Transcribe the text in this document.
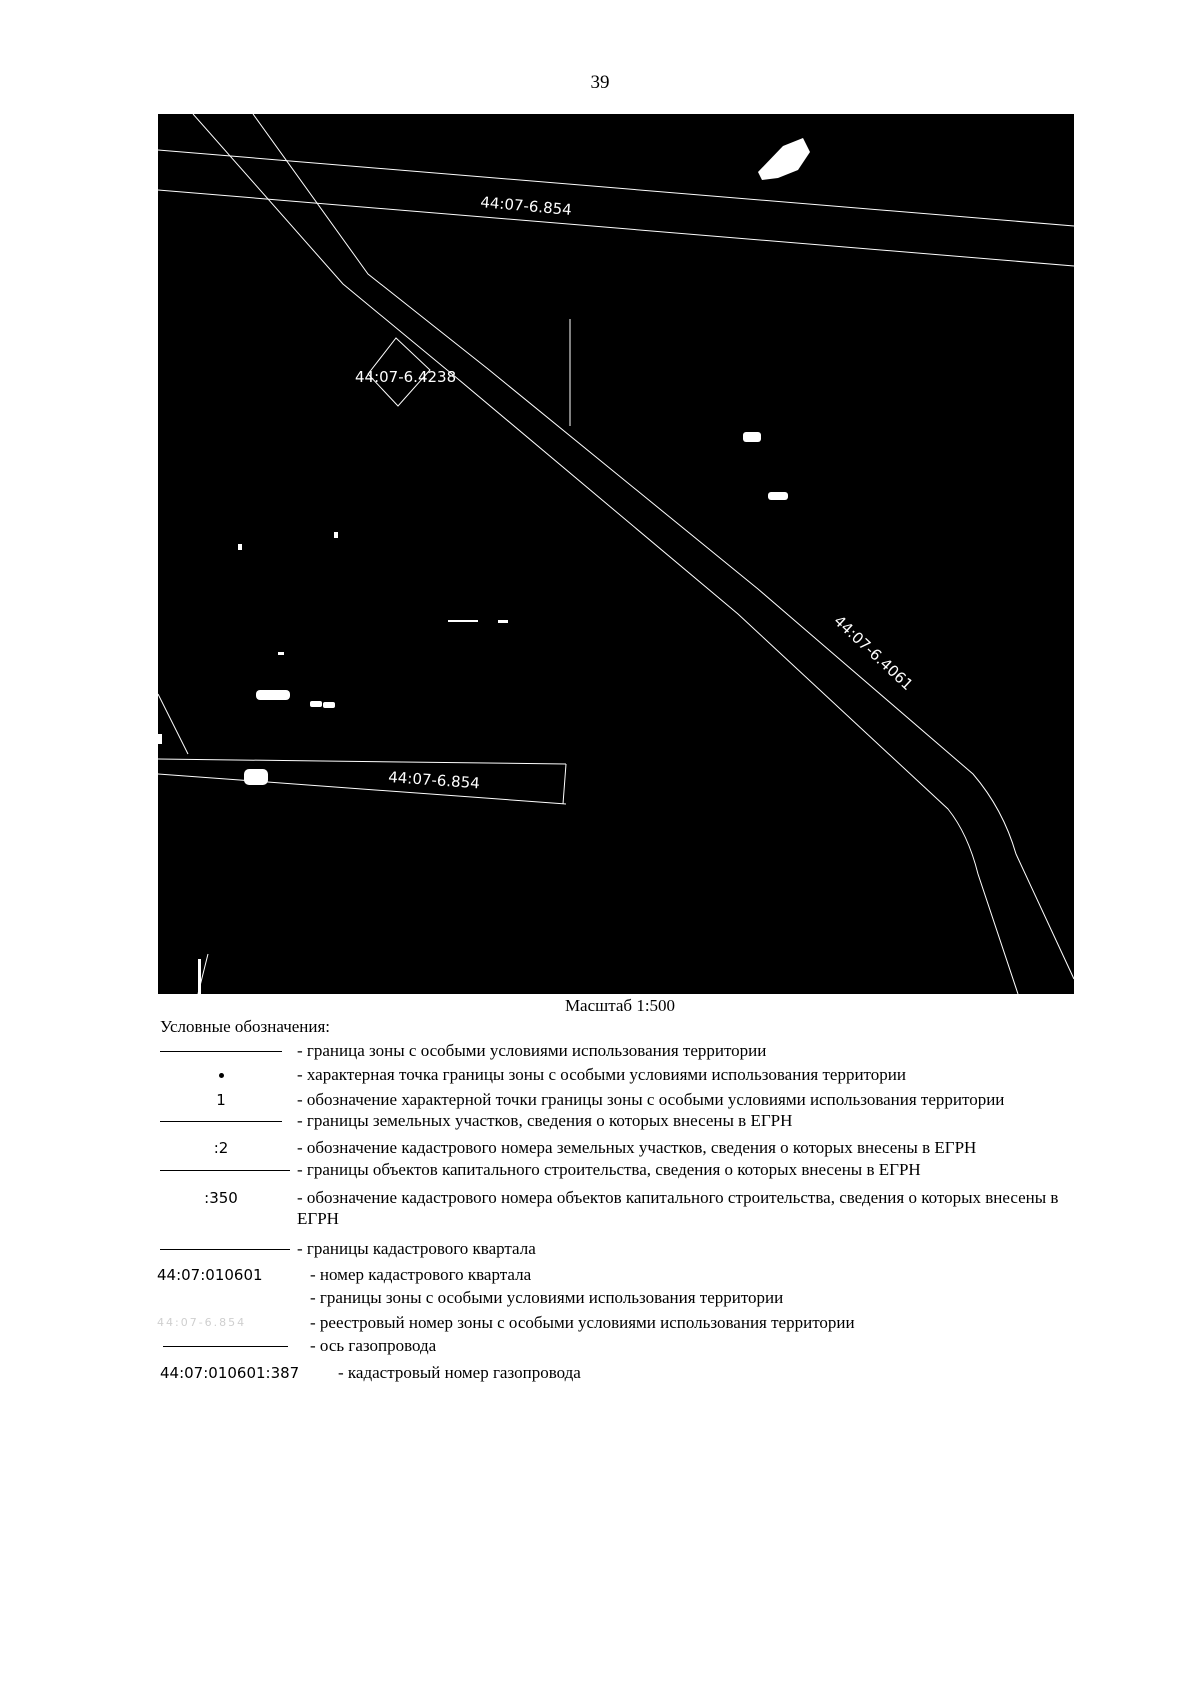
39
44:07-6.854
44:07-6.4238
44:07-6.854
44:07-6.4061
Масштаб 1:500
Условные обозначения:
- граница зоны с особыми условиями использования территории
- характерная точка границы зоны с особыми условиями использования территории
1	- обозначение характерной точки границы зоны с особыми условиями использования территории
- границы земельных участков, сведения о которых внесены в ЕГРН
:2	- обозначение кадастрового номера земельных участков, сведения о которых внесены в ЕГРН
- границы объектов капитального строительства, сведения о которых внесены в ЕГРН
:350	- обозначение кадастрового номера объектов капитального строительства, сведения о которых внесены в ЕГРН
- границы кадастрового квартала
44:07:010601	- номер кадастрового квартала
- границы зоны с особыми условиями использования территории
44:07-6.854	- реестровый номер зоны с особыми условиями использования территории
- ось газопровода
44:07:010601:387	- кадастровый номер газопровода
